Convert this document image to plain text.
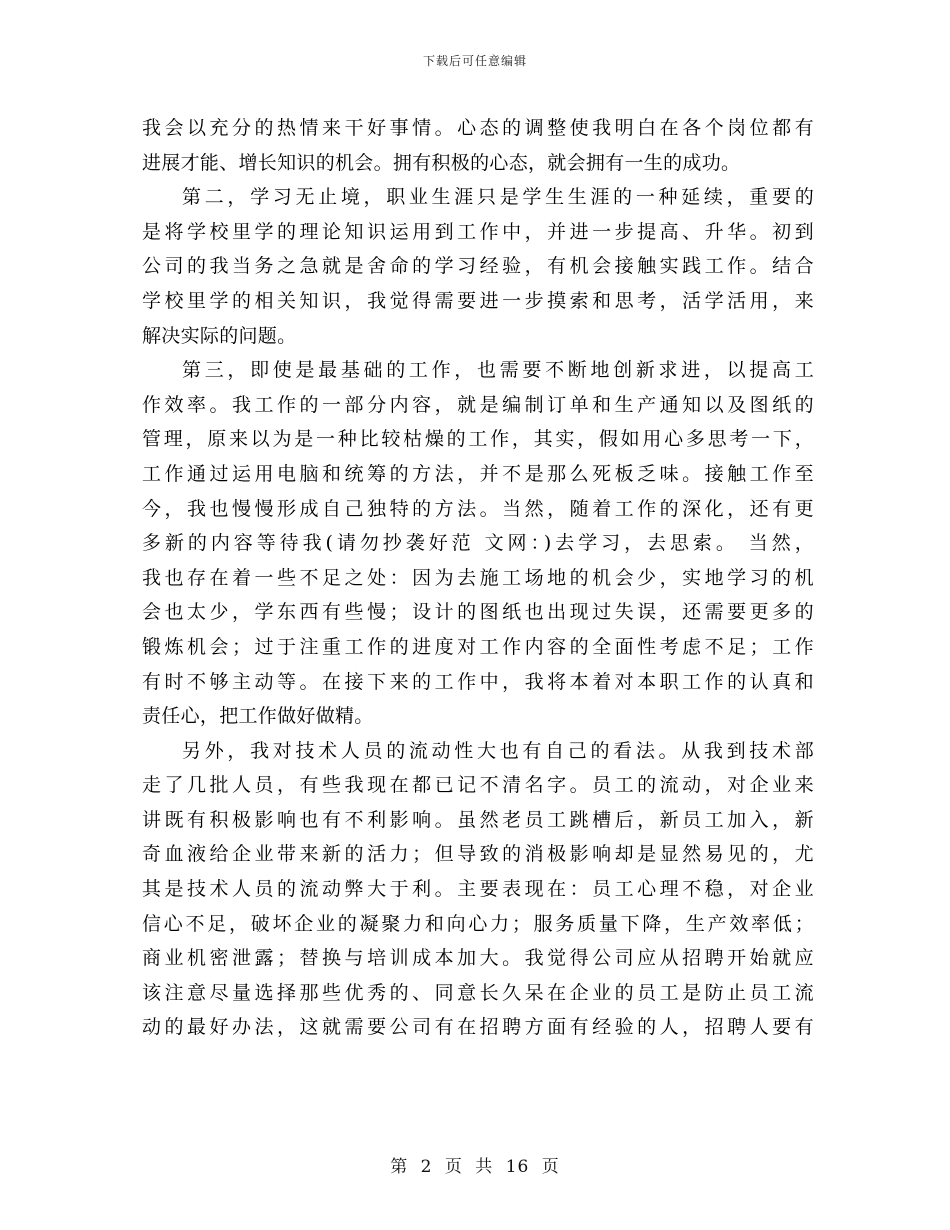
下载后可任意编辑
我会以充分的热情来干好事情。心态的调整使我明白在各个岗位都有
进展才能、增长知识的机会。拥有积极的心态，就会拥有一生的成功。
第二，学习无止境，职业生涯只是学生生涯的一种延续，重要的
是将学校里学的理论知识运用到工作中，并进一步提高、升华。初到
公司的我当务之急就是舍命的学习经验，有机会接触实践工作。结合
学校里学的相关知识，我觉得需要进一步摸索和思考，活学活用，来
解决实际的问题。
第三，即使是最基础的工作，也需要不断地创新求进，以提高工
作效率。我工作的一部分内容，就是编制订单和生产通知以及图纸的
管理，原来以为是一种比较枯燥的工作，其实，假如用心多思考一下，
工作通过运用电脑和统筹的方法，并不是那么死板乏味。接触工作至
今，我也慢慢形成自己独特的方法。当然，随着工作的深化，还有更
多新的内容等待我(请勿抄袭好范 文网：)去学习，去思索。 当然，
我也存在着一些不足之处：因为去施工场地的机会少，实地学习的机
会也太少，学东西有些慢；设计的图纸也出现过失误，还需要更多的
锻炼机会；过于注重工作的进度对工作内容的全面性考虑不足；工作
有时不够主动等。在接下来的工作中，我将本着对本职工作的认真和
责任心，把工作做好做精。
另外，我对技术人员的流动性大也有自己的看法。从我到技术部
走了几批人员，有些我现在都已记不清名字。员工的流动，对企业来
讲既有积极影响也有不利影响。虽然老员工跳槽后，新员工加入，新
奇血液给企业带来新的活力；但导致的消极影响却是显然易见的，尤
其是技术人员的流动弊大于利。主要表现在：员工心理不稳，对企业
信心不足，破坏企业的凝聚力和向心力；服务质量下降，生产效率低；
商业机密泄露；替换与培训成本加大。我觉得公司应从招聘开始就应
该注意尽量选择那些优秀的、同意长久呆在企业的员工是防止员工流
动的最好办法，这就需要公司有在招聘方面有经验的人，招聘人要有
第 2 页 共 16 页
